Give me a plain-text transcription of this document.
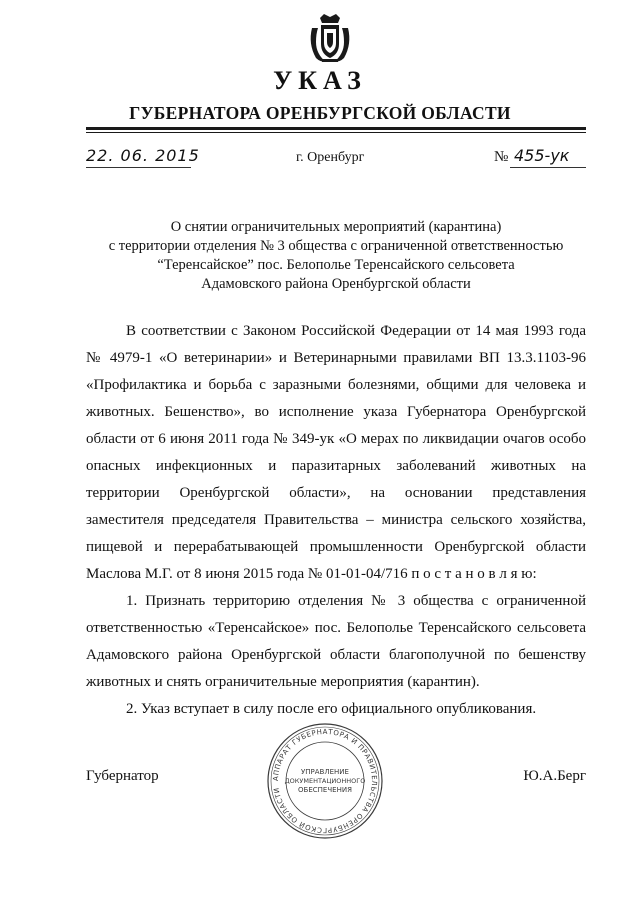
УКАЗ
ГУБЕРНАТОРА ОРЕНБУРГСКОЙ ОБЛАСТИ
22. 06. 2015	г. Оренбург	№ 455-ук
О снятии ограничительных мероприятий (карантина)
с территории отделения № 3 общества с ограниченной ответственностью
“Теренсайское” пос. Белополье Теренсайского сельсовета
Адамовского района Оренбургской области

В соответствии с Законом Российской Федерации от 14 мая 1993 года № 4979-1 «О ветеринарии» и Ветеринарными правилами ВП 13.3.1103-96 «Профилактика и борьба с заразными болезнями, общими для человека и животных. Бешенство», во исполнение указа Губернатора Оренбургской области от 6 июня 2011 года № 349-ук «О мерах по ликвидации очагов особо опасных инфекционных и паразитарных заболеваний животных на территории Оренбургской области», на основании представления заместителя председателя Правительства – министра сельского хозяйства, пищевой и перерабатывающей промышленности Оренбургской области Маслова М.Г. от 8 июня 2015 года № 01-01-04/716 п о с т а н о в л я ю:

1. Признать территорию отделения № 3 общества с ограниченной ответственностью «Теренсайское» пос. Белополье Теренсайского сельсовета Адамовского района Оренбургской области благополучной по бешенству животных и снять ограничительные мероприятия (карантин).

2. Указ вступает в силу после его официального опубликования.

АППАРАТ ГУБЕРНАТОРА И ПРАВИТЕЛЬСТВА ОРЕНБУРГСКОЙ ОБЛАСТИ
УПРАВЛЕНИЕ
ДОКУМЕНТАЦИОННОГО
ОБЕСПЕЧЕНИЯ
Губернатор	Ю.А.Берг
